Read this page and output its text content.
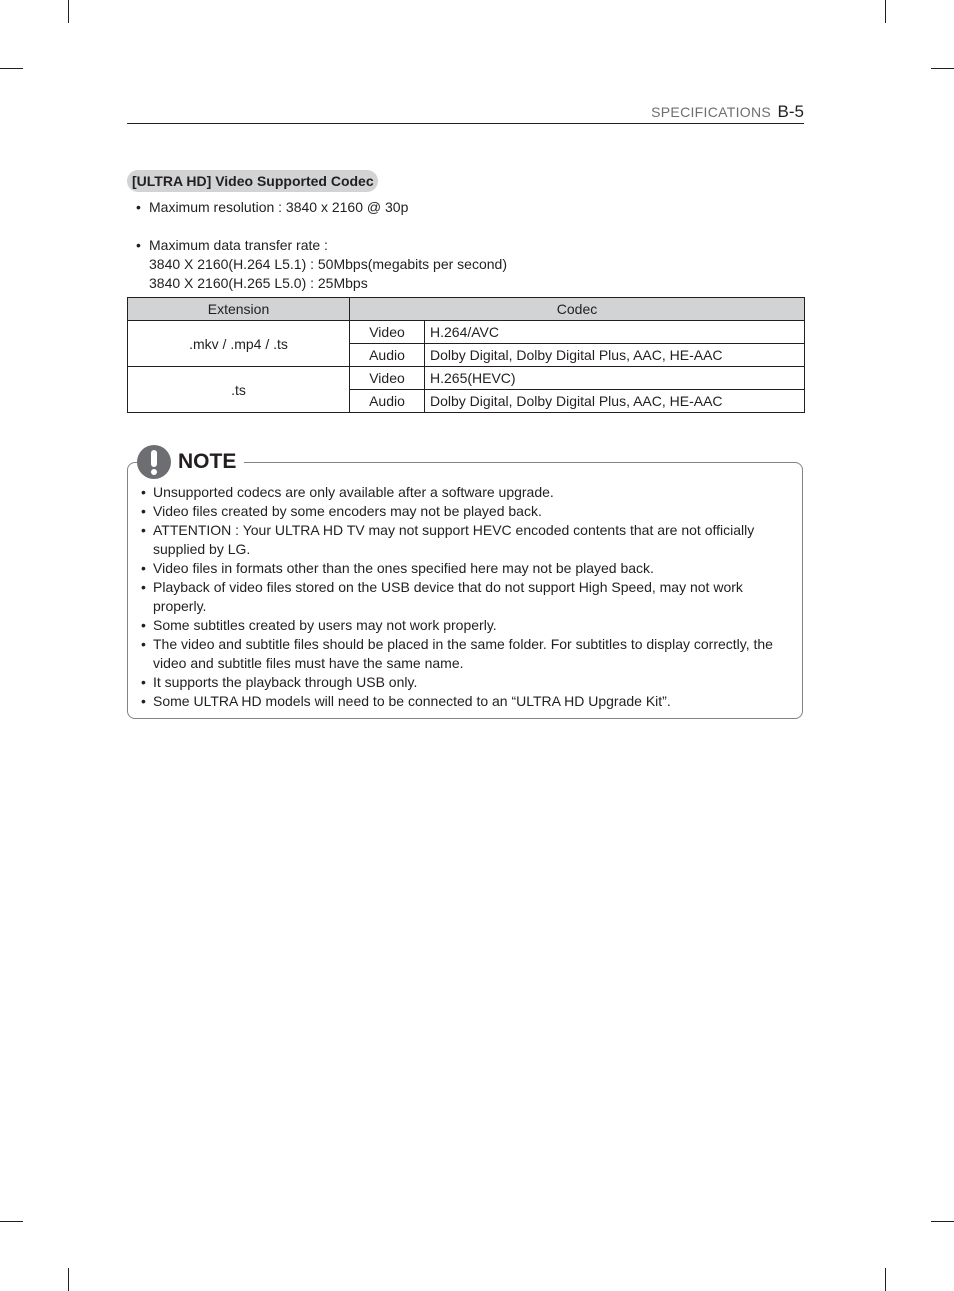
SPECIFICATIONS B-5
[ULTRA HD] Video Supported Codec
• Maximum resolution : 3840 x 2160 @ 30p
• Maximum data transfer rate :
3840 X 2160(H.264 L5.1) : 50Mbps(megabits per second)
3840 X 2160(H.265 L5.0) : 25Mbps
Extension	Codec	
.mkv / .mp4 / .ts	Video	H.264/AVC
	Audio	Dolby Digital, Dolby Digital Plus, AAC, HE-AAC
.ts	Video	H.265(HEVC)
	Audio	Dolby Digital, Dolby Digital Plus, AAC, HE-AAC
NOTE
• Unsupported codecs are only available after a software upgrade.
• Video files created by some encoders may not be played back.
• ATTENTION : Your ULTRA HD TV may not support HEVC encoded contents that are not officially supplied by LG.
• Video files in formats other than the ones specified here may not be played back.
• Playback of video files stored on the USB device that do not support High Speed, may not work properly.
• Some subtitles created by users may not work properly.
• The video and subtitle files should be placed in the same folder. For subtitles to display correctly, the video and subtitle files must have the same name.
• It supports the playback through USB only.
• Some ULTRA HD models will need to be connected to an “ULTRA HD Upgrade Kit”.
